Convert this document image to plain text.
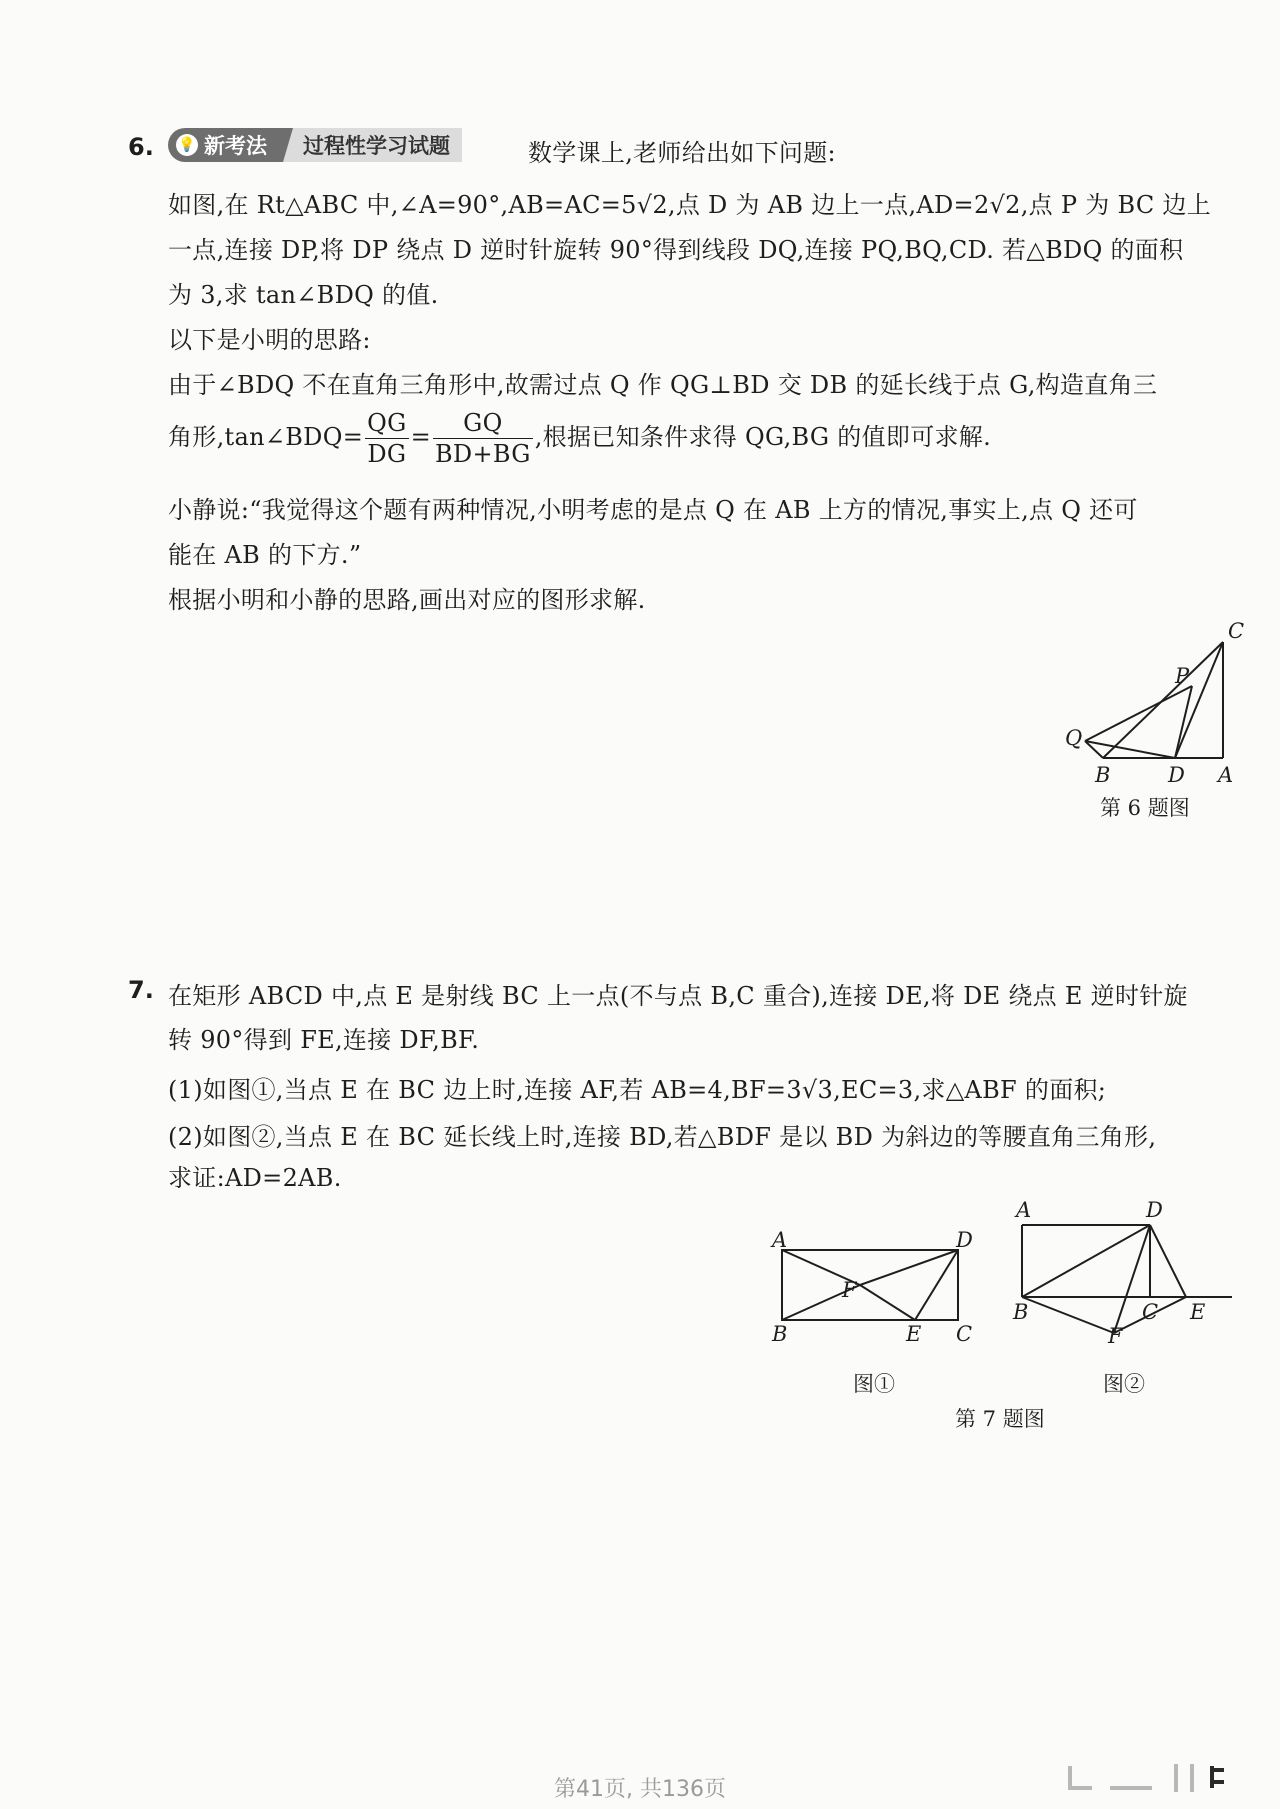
6. 💡 新考法	过程性学习试题	数学课上,老师给出如下问题:
如图,在 Rt△ABC 中,∠A=90°,AB=AC=5√2,点 D 为 AB 边上一点,AD=2√2,点 P 为 BC 边上
一点,连接 DP,将 DP 绕点 D 逆时针旋转 90°得到线段 DQ,连接 PQ,BQ,CD. 若△BDQ 的面积
为 3,求 tan∠BDQ 的值.
以下是小明的思路:
由于∠BDQ 不在直角三角形中,故需过点 Q 作 QG⊥BD 交 DB 的延长线于点 G,构造直角三
角形,tan∠BDQ= $\frac{QG}{DG} = \frac{GQ}{BD+BG}$ ,根据已知条件求得 QG,BG 的值即可求解.
小静说:“我觉得这个题有两种情况,小明考虑的是点 Q 在 AB 上方的情况,事实上,点 Q 还可
能在 AB 的下方.”
根据小明和小静的思路,画出对应的图形求解.
C
P
Q
B	D A
第 6 题图
7. 在矩形 ABCD 中,点 E 是射线 BC 上一点(不与点 B,C 重合),连接 DE,将 DE 绕点 E 逆时针旋
转 90°得到 FE,连接 DF,BF.
(1)如图①,当点 E 在 BC 边上时,连接 AF,若 AB=4,BF=3√3,EC=3,求△ABF 的面积;
(2)如图②,当点 E 在 BC 延长线上时,连接 BD,若△BDF 是以 BD 为斜边的等腰直角三角形,
求证:AD=2AB.
A	D
F
B	E C
A	D
B	C E
F
图①	图②
第 7 题图
第41页, 共136页
